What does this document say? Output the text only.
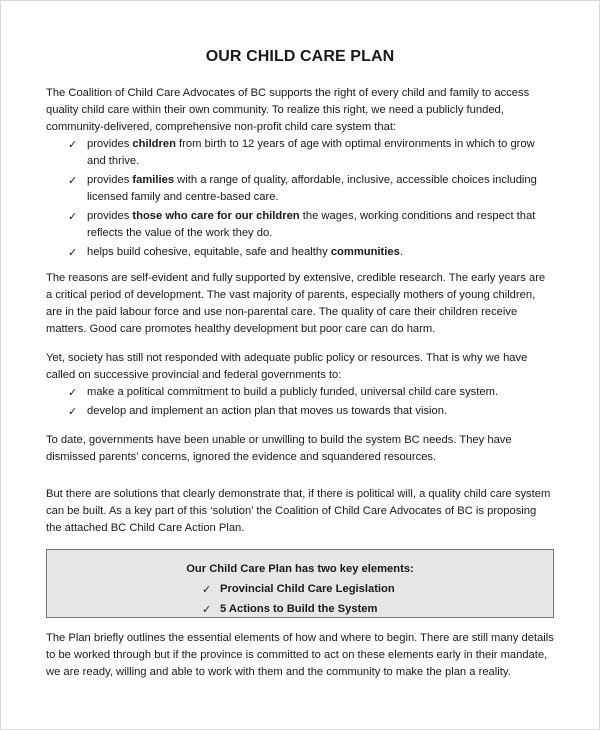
OUR CHILD CARE PLAN

The Coalition of Child Care Advocates of BC supports the right of every child and family to access quality child care within their own community. To realize this right, we need a publicly funded, community-delivered, comprehensive non-profit child care system that:

✓ provides children from birth to 12 years of age with optimal environments in which to grow and thrive.
✓ provides families with a range of quality, affordable, inclusive, accessible choices including licensed family and centre-based care.
✓ provides those who care for our children the wages, working conditions and respect that reflects the value of the work they do.
✓ helps build cohesive, equitable, safe and healthy communities.

The reasons are self-evident and fully supported by extensive, credible research. The early years are a critical period of development. The vast majority of parents, especially mothers of young children, are in the paid labour force and use non-parental care. The quality of care their children receive matters. Good care promotes healthy development but poor care can do harm.

Yet, society has still not responded with adequate public policy or resources. That is why we have called on successive provincial and federal governments to:

✓ make a political commitment to build a publicly funded, universal child care system.
✓ develop and implement an action plan that moves us towards that vision.

To date, governments have been unable or unwilling to build the system BC needs. They have dismissed parents’ concerns, ignored the evidence and squandered resources.

But there are solutions that clearly demonstrate that, if there is political will, a quality child care system can be built. As a key part of this ‘solution’ the Coalition of Child Care Advocates of BC is proposing the attached BC Child Care Action Plan.

Our Child Care Plan has two key elements:
✓ Provincial Child Care Legislation
✓ 5 Actions to Build the System

The Plan briefly outlines the essential elements of how and where to begin. There are still many details to be worked through but if the province is committed to act on these elements early in their mandate, we are ready, willing and able to work with them and the community to make the plan a reality.
